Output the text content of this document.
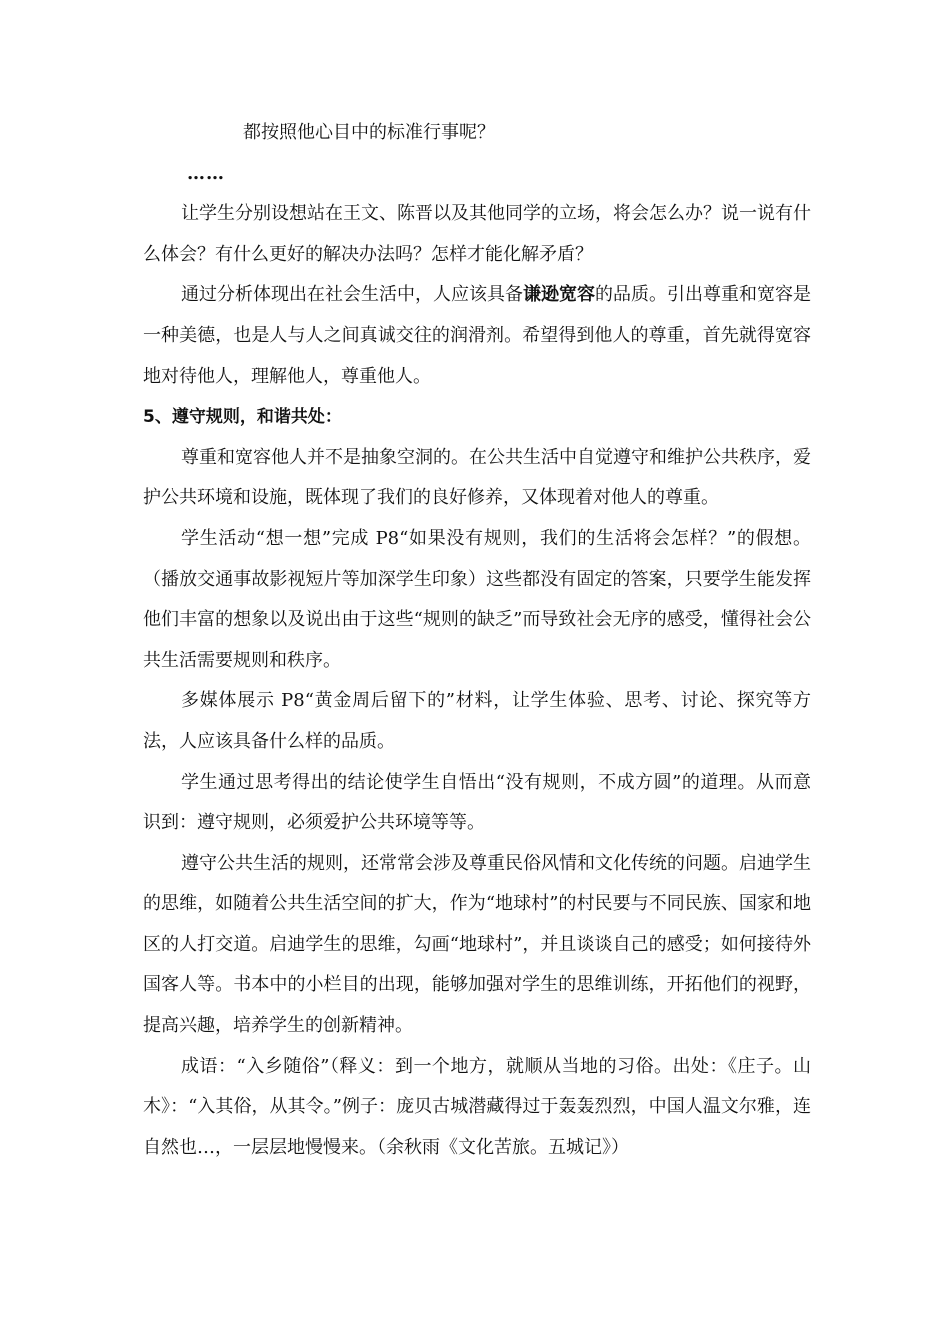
都按照他心目中的标准行事呢？

……

让学生分别设想站在王文、陈晋以及其他同学的立场，将会怎么办？说一说有什么体会？有什么更好的解决办法吗？怎样才能化解矛盾？

通过分析体现出在社会生活中，人应该具备谦逊宽容的品质。引出尊重和宽容是一种美德，也是人与人之间真诚交往的润滑剂。希望得到他人的尊重，首先就得宽容地对待他人，理解他人，尊重他人。

5、遵守规则，和谐共处：

尊重和宽容他人并不是抽象空洞的。在公共生活中自觉遵守和维护公共秩序，爱护公共环境和设施，既体现了我们的良好修养，又体现着对他人的尊重。

学生活动“想一想”完成 P8“如果没有规则，我们的生活将会怎样？”的假想。（播放交通事故影视短片等加深学生印象）这些都没有固定的答案，只要学生能发挥他们丰富的想象以及说出由于这些“规则的缺乏”而导致社会无序的感受，懂得社会公共生活需要规则和秩序。

多媒体展示 P8“黄金周后留下的”材料，让学生体验、思考、讨论、探究等方法，人应该具备什么样的品质。

学生通过思考得出的结论使学生自悟出“没有规则，不成方圆”的道理。从而意识到：遵守规则，必须爱护公共环境等等。

遵守公共生活的规则，还常常会涉及尊重民俗风情和文化传统的问题。启迪学生的思维，如随着公共生活空间的扩大，作为“地球村”的村民要与不同民族、国家和地区的人打交道。启迪学生的思维，勾画“地球村”，并且谈谈自己的感受；如何接待外国客人等。书本中的小栏目的出现，能够加强对学生的思维训练，开拓他们的视野，提高兴趣，培养学生的创新精神。

成语：“入乡随俗”（释义：到一个地方，就顺从当地的习俗。出处：《庄子。山木》：“入其俗，从其令。”例子：庞贝古城潜藏得过于轰轰烈烈，中国人温文尔雅，连自然也…，一层层地慢慢来。（余秋雨《文化苦旅。五城记》）
